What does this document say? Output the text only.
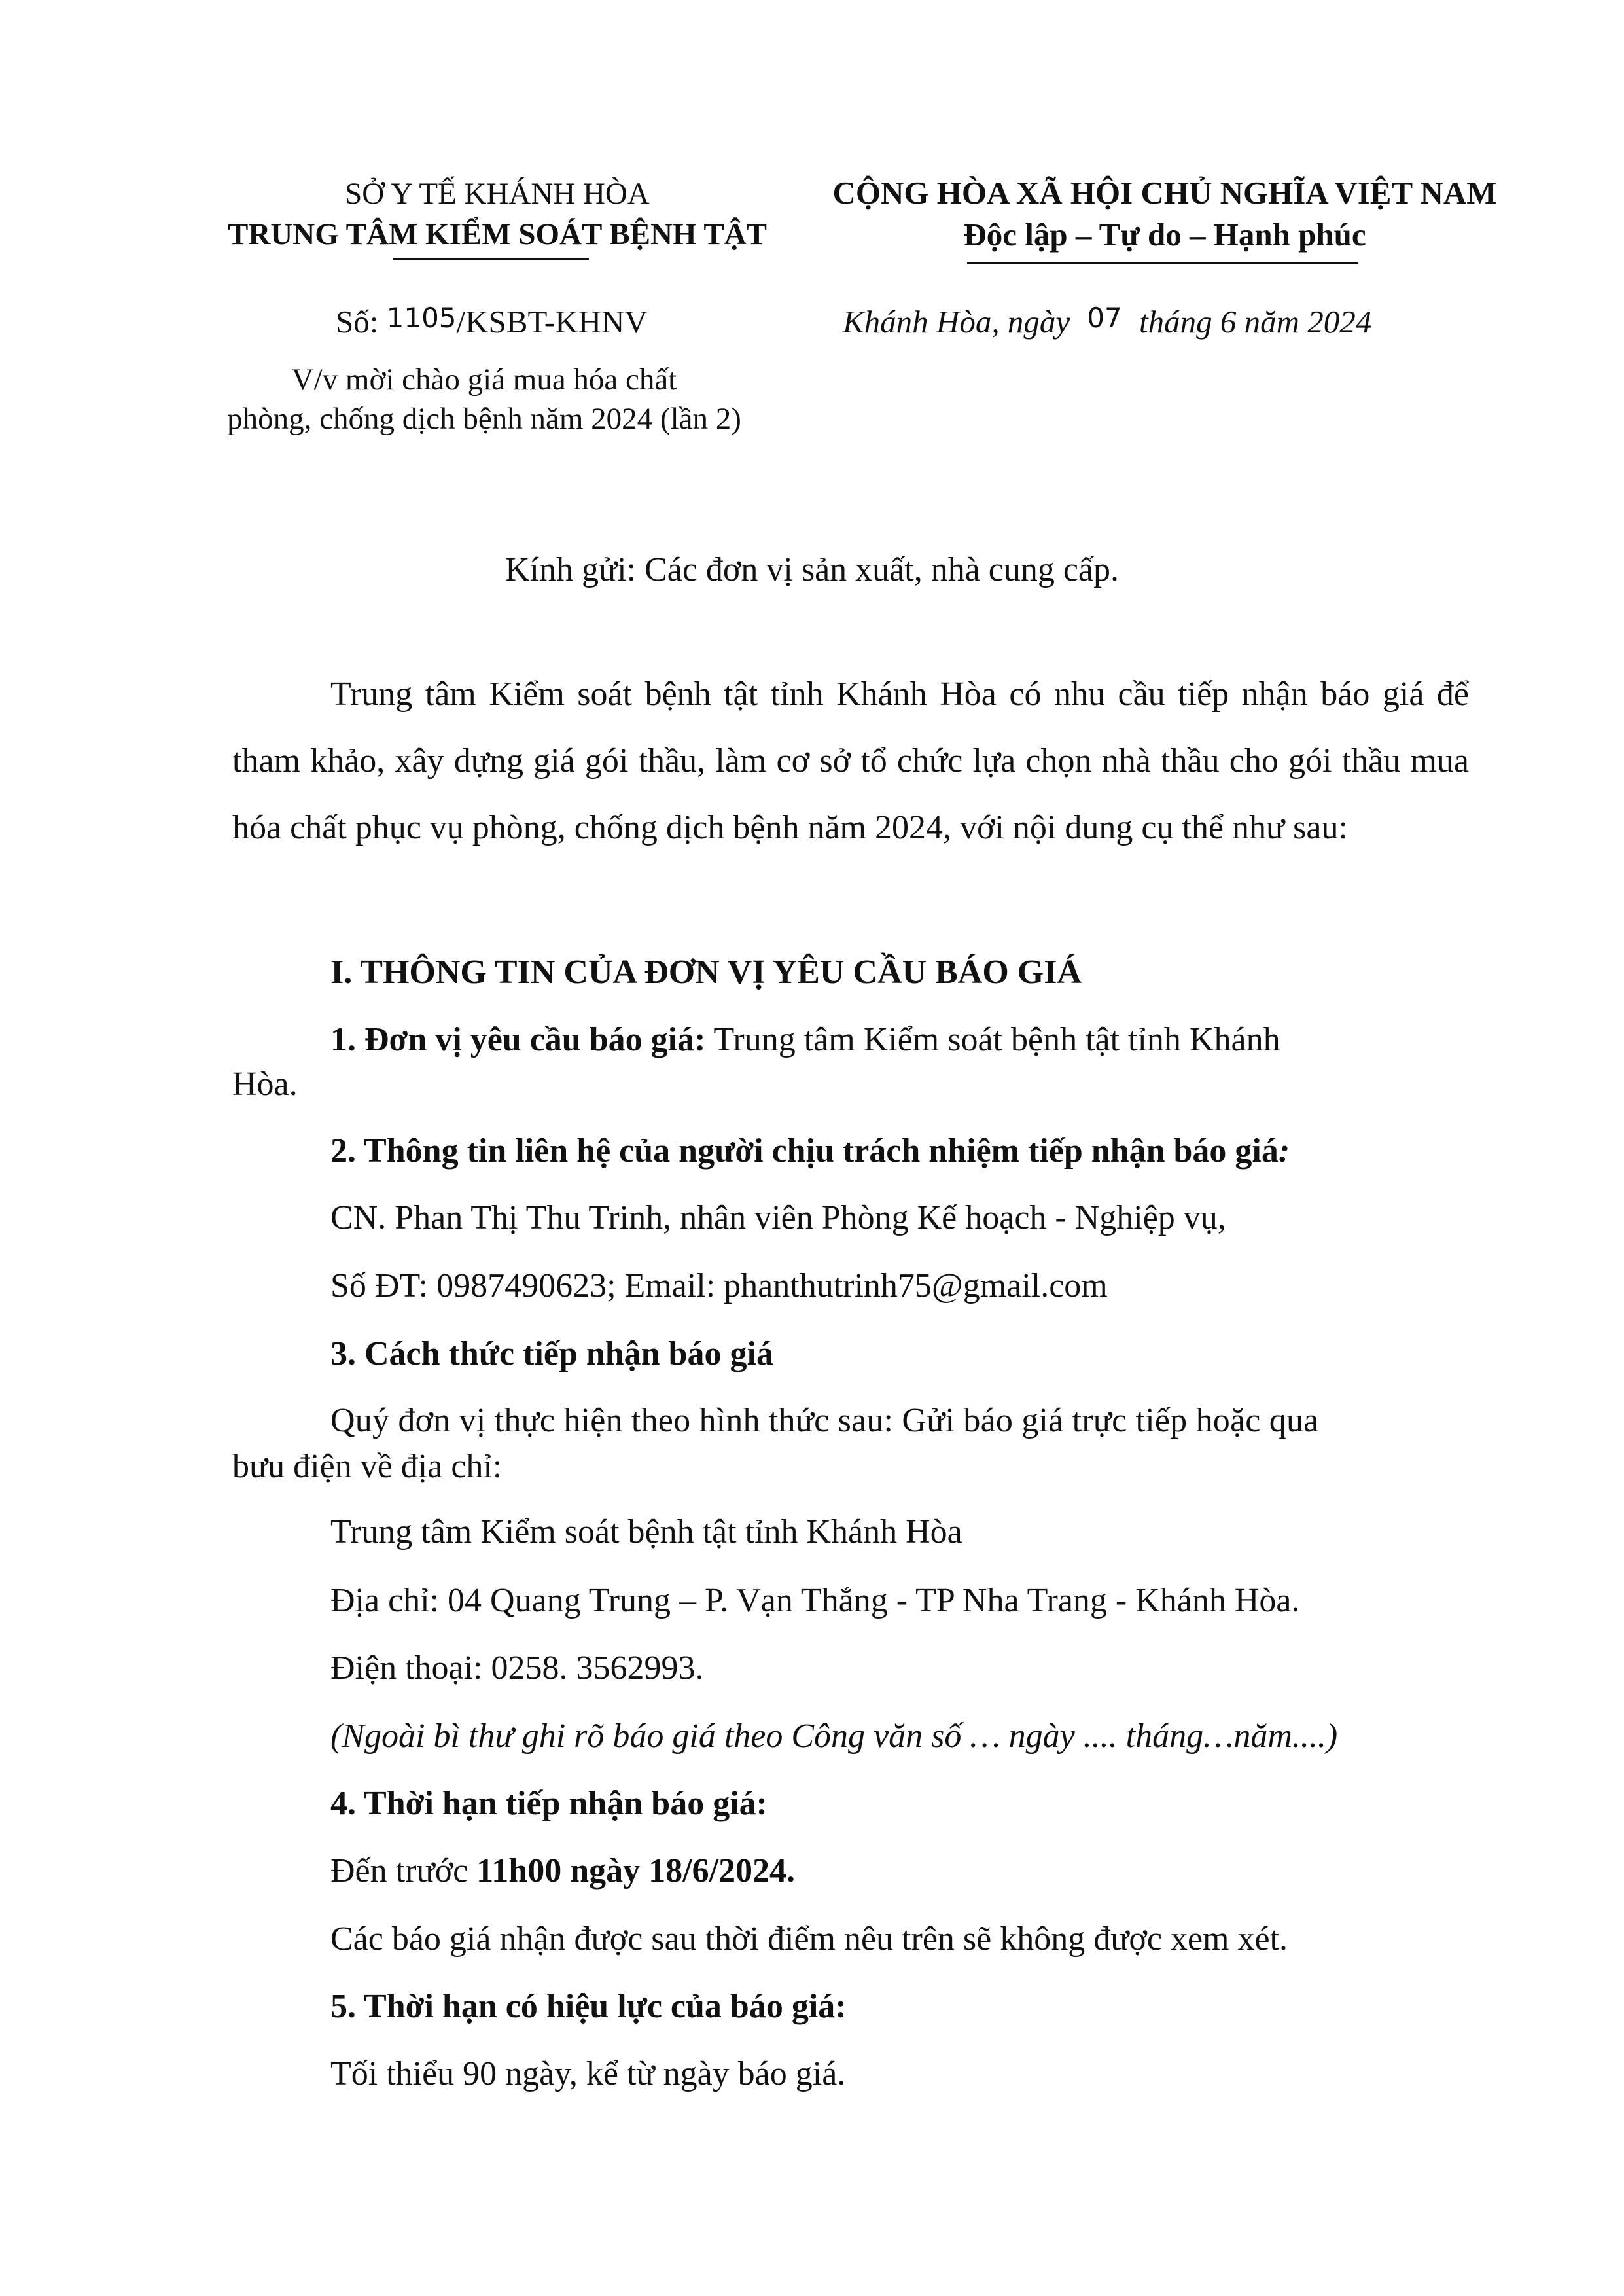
SỞ Y TẾ KHÁNH HÒA
TRUNG TÂM KIỂM SOÁT BỆNH TẬT
CỘNG HÒA XÃ HỘI CHỦ NGHĨA VIỆT NAM
Độc lập – Tự do – Hạnh phúc
Số: 1105/KSBT-KHNV	Khánh Hòa, ngày 07 tháng 6 năm 2024
V/v mời chào giá mua hóa chất
phòng, chống dịch bệnh năm 2024 (lần 2)
Kính gửi: Các đơn vị sản xuất, nhà cung cấp.

Trung tâm Kiểm soát bệnh tật tỉnh Khánh Hòa có nhu cầu tiếp nhận báo giá để tham khảo, xây dựng giá gói thầu, làm cơ sở tổ chức lựa chọn nhà thầu cho gói thầu mua hóa chất phục vụ phòng, chống dịch bệnh năm 2024, với nội dung cụ thể như sau:

I. THÔNG TIN CỦA ĐƠN VỊ YÊU CẦU BÁO GIÁ
1. Đơn vị yêu cầu báo giá: Trung tâm Kiểm soát bệnh tật tỉnh Khánh
Hòa.
2. Thông tin liên hệ của người chịu trách nhiệm tiếp nhận báo giá:
CN. Phan Thị Thu Trinh, nhân viên Phòng Kế hoạch - Nghiệp vụ,
Số ĐT: 0987490623; Email: phanthutrinh75@gmail.com
3. Cách thức tiếp nhận báo giá
Quý đơn vị thực hiện theo hình thức sau: Gửi báo giá trực tiếp hoặc qua
bưu điện về địa chỉ:
Trung tâm Kiểm soát bệnh tật tỉnh Khánh Hòa
Địa chỉ: 04 Quang Trung – P. Vạn Thắng - TP Nha Trang - Khánh Hòa.
Điện thoại: 0258. 3562993.
(Ngoài bì thư ghi rõ báo giá theo Công văn số … ngày .... tháng…năm....)
4. Thời hạn tiếp nhận báo giá:
Đến trước 11h00 ngày 18/6/2024.
Các báo giá nhận được sau thời điểm nêu trên sẽ không được xem xét.
5. Thời hạn có hiệu lực của báo giá:
Tối thiểu 90 ngày, kể từ ngày báo giá.
